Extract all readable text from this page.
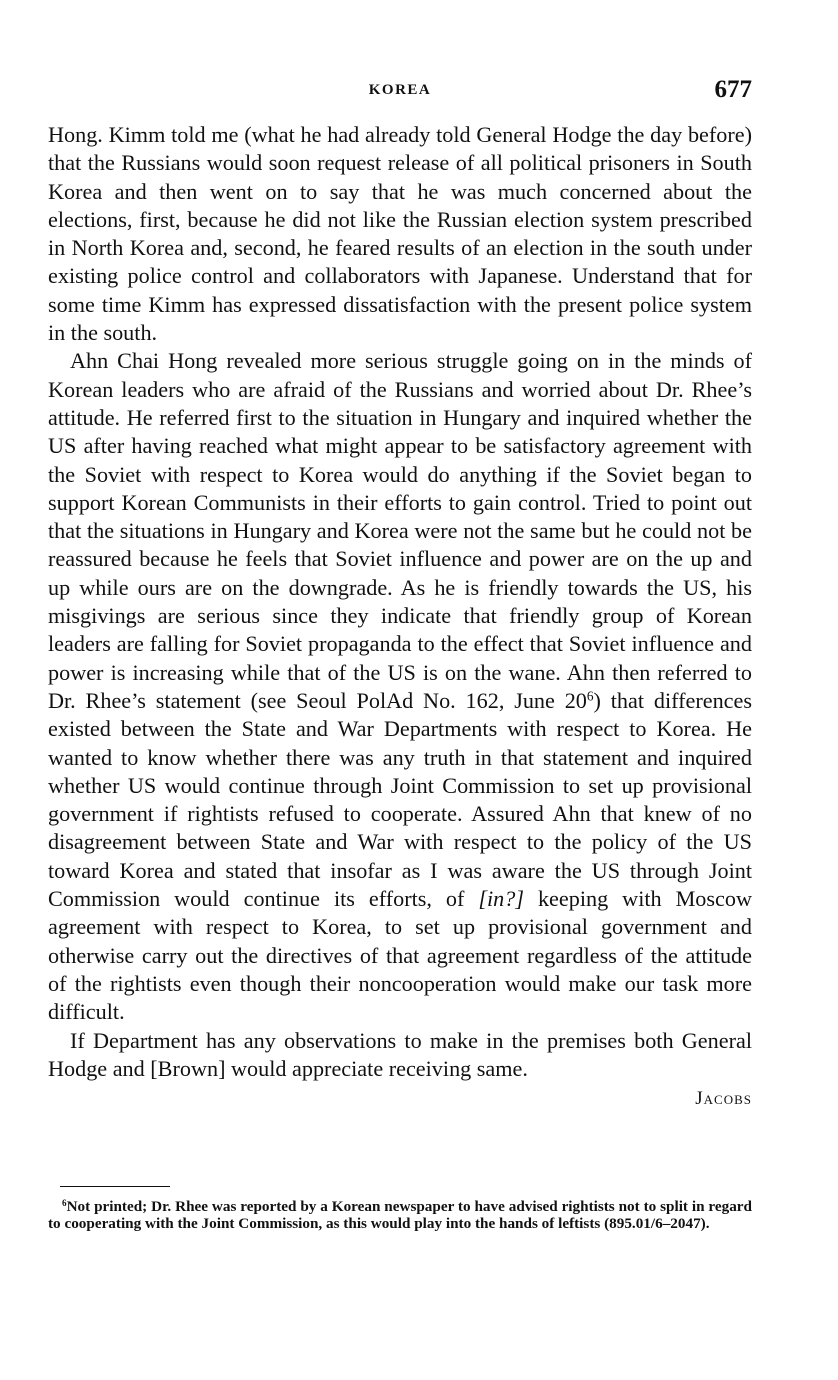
KOREA	677

Hong. Kimm told me (what he had already told General Hodge the day before) that the Russians would soon request release of all political prisoners in South Korea and then went on to say that he was much concerned about the elections, first, because he did not like the Russian election system prescribed in North Korea and, second, he feared results of an election in the south under existing police control and collaborators with Japanese. Understand that for some time Kimm has expressed dissatisfaction with the present police system in the south.

Ahn Chai Hong revealed more serious struggle going on in the minds of Korean leaders who are afraid of the Russians and worried about Dr. Rhee’s attitude. He referred first to the situation in Hungary and inquired whether the US after having reached what might appear to be satisfactory agreement with the Soviet with respect to Korea would do anything if the Soviet began to support Korean Communists in their efforts to gain control. Tried to point out that the situations in Hungary and Korea were not the same but he could not be reassured because he feels that Soviet influence and power are on the up and up while ours are on the downgrade. As he is friendly towards the US, his misgivings are serious since they indicate that friendly group of Korean leaders are falling for Soviet propaganda to the effect that Soviet influence and power is increasing while that of the US is on the wane. Ahn then referred to Dr. Rhee’s statement (see Seoul PolAd No. 162, June $20^6$) that differences existed between the State and War Departments with respect to Korea. He wanted to know whether there was any truth in that statement and inquired whether US would continue through Joint Commission to set up provisional government if rightists refused to cooperate. Assured Ahn that knew of no disagreement between State and War with respect to the policy of the US toward Korea and stated that insofar as I was aware the US through Joint Commission would continue its efforts, of [in?] keeping with Moscow agreement with respect to Korea, to set up provisional government and otherwise carry out the directives of that agreement regardless of the attitude of the rightists even though their noncooperation would make our task more difficult.

If Department has any observations to make in the premises both General Hodge and [Brown] would appreciate receiving same.

Jacobs

$^6$Not printed; Dr. Rhee was reported by a Korean newspaper to have advised rightists not to split in regard to cooperating with the Joint Commission, as this would play into the hands of leftists (895.01/6–2047).
